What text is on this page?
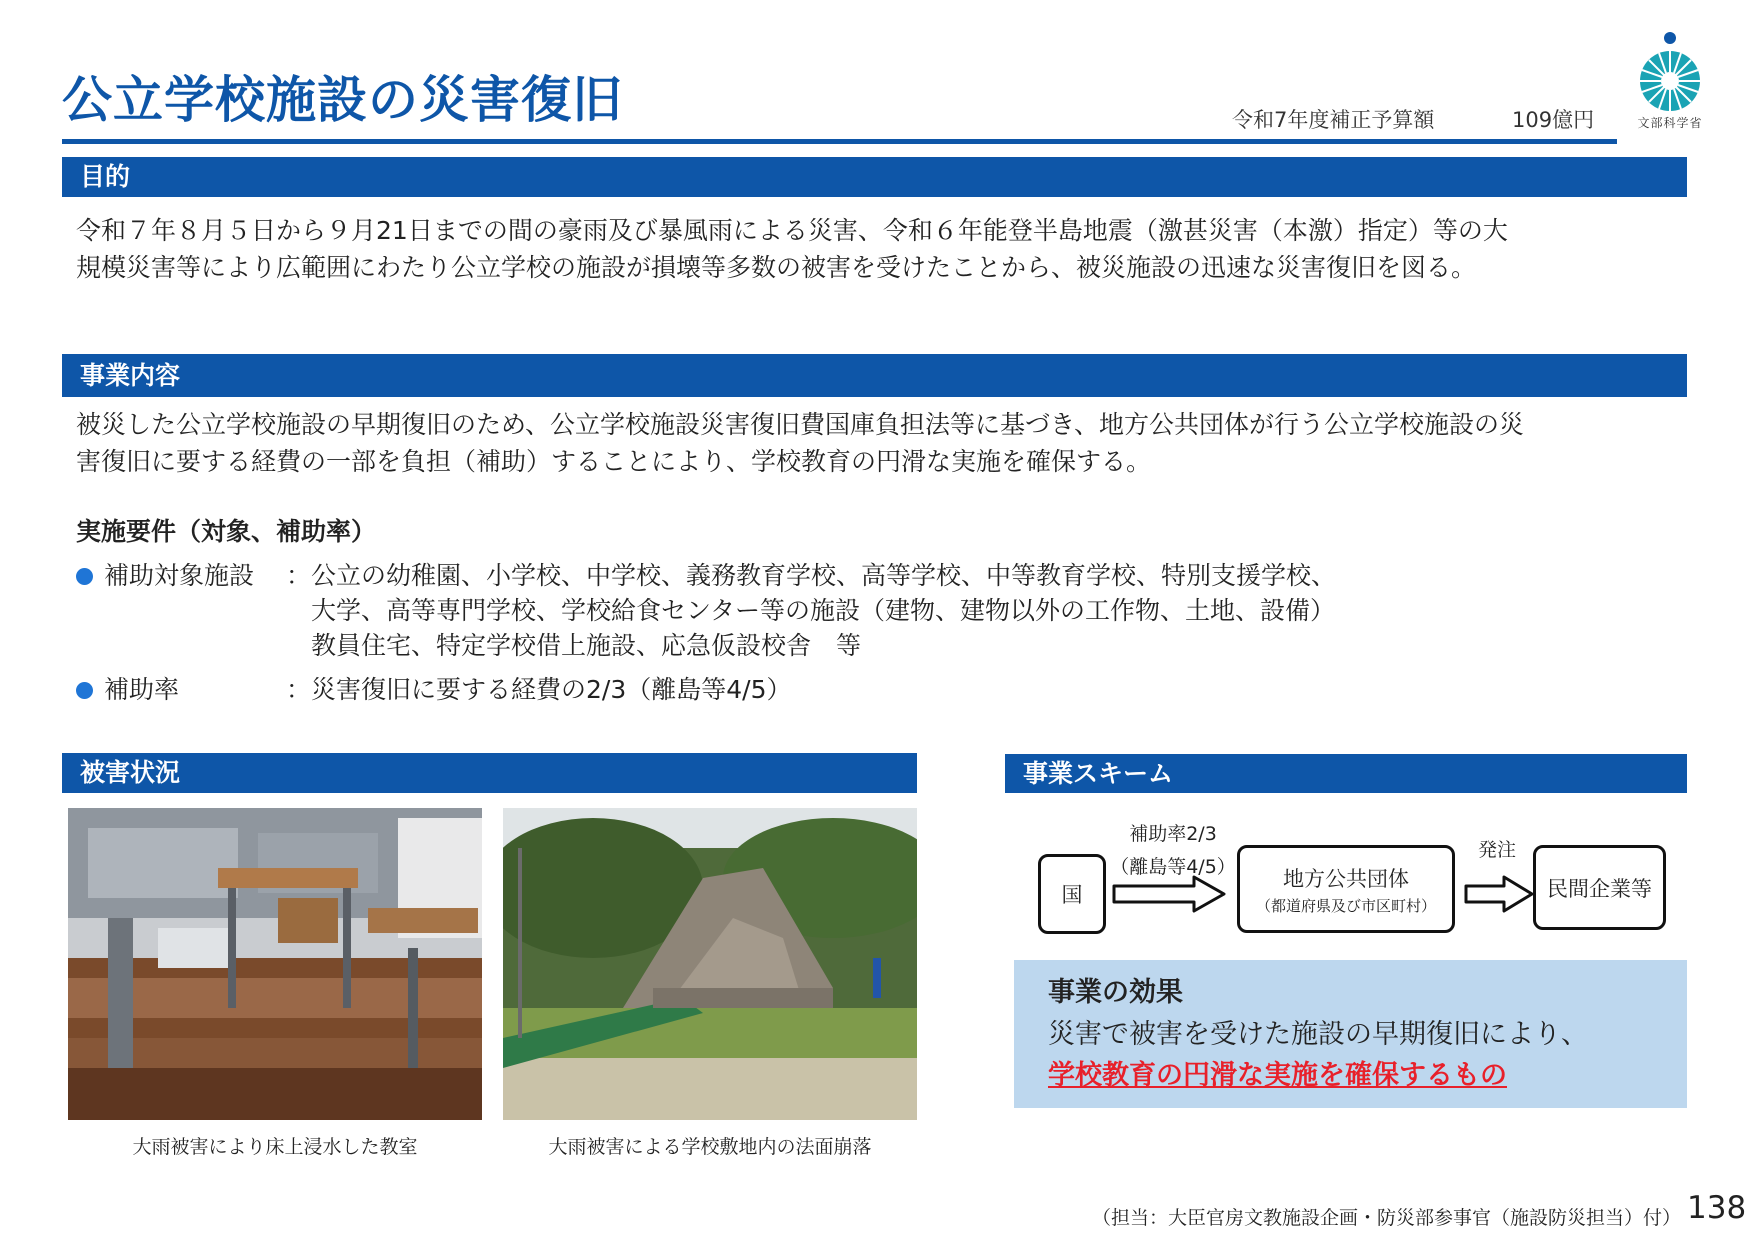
公立学校施設の災害復旧	令和7年度補正予算額	109億円	文部科学省
目的

令和７年８月５日から９月21日までの間の豪雨及び暴風雨による災害、令和６年能登半島地震（激甚災害（本激）指定）等の大

規模災害等により広範囲にわたり公立学校の施設が損壊等多数の被害を受けたことから、被災施設の迅速な災害復旧を図る。

事業内容

被災した公立学校施設の早期復旧のため、公立学校施設災害復旧費国庫負担法等に基づき、地方公共団体が行う公立学校施設の災

害復旧に要する経費の一部を負担（補助）することにより、学校教育の円滑な実施を確保する。

実施要件（対象、補助率）
補助対象施設 ： 公立の幼稚園、小学校、中学校、義務教育学校、高等学校、中等教育学校、特別支援学校、
大学、高等専門学校、学校給食センター等の施設（建物、建物以外の工作物、土地、設備）
教員住宅、特定学校借上施設、応急仮設校舎　等
補助率	： 災害復旧に要する経費の2/3（離島等4/5）
被害状況
大雨被害により床上浸水した教室	大雨被害による学校敷地内の法面崩落
事業スキーム
国
補助率2/3
（離島等4/5） 地方公共団体
（都道府県及び市区町村）
発注
民間企業等
事業の効果
災害で被害を受けた施設の早期復旧により、
学校教育の円滑な実施を確保するもの
（担当：大臣官房文教施設企画・防災部参事官（施設防災担当）付） 138
